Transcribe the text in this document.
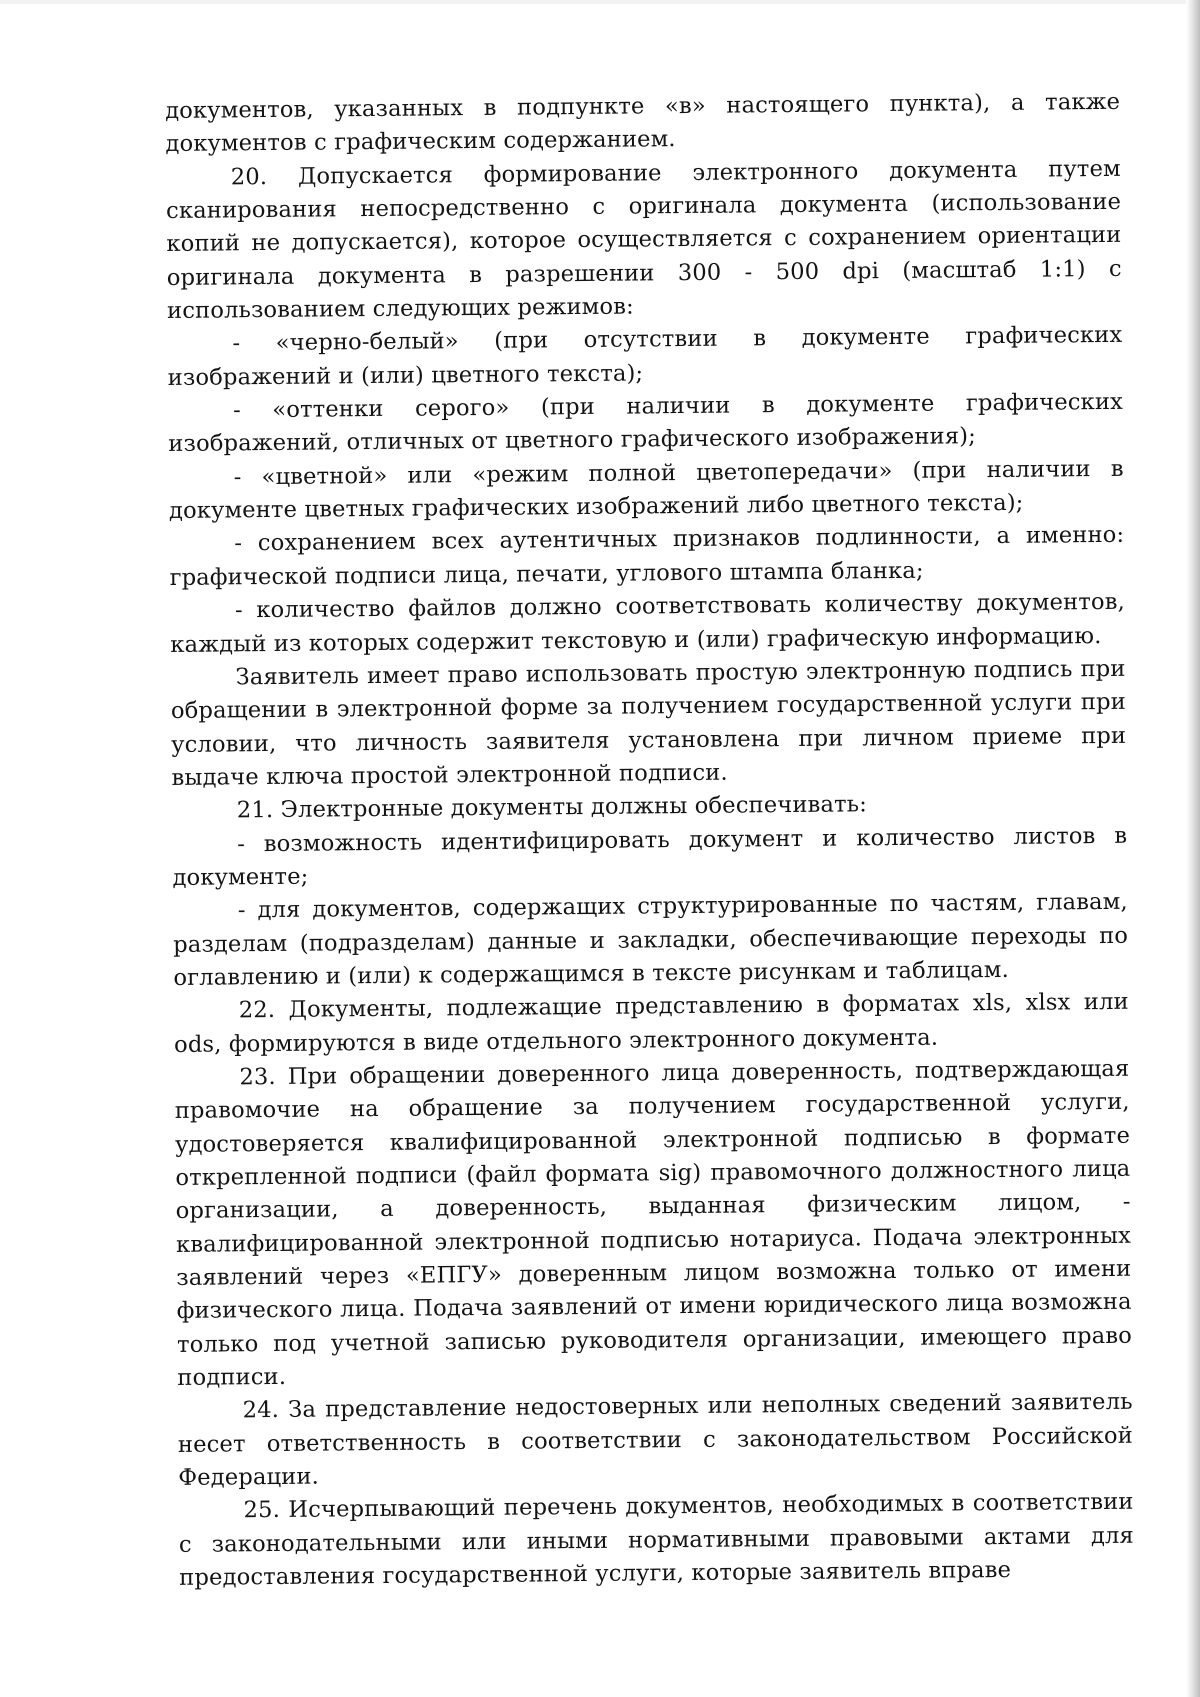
документов, указанных в подпункте «в» настоящего пункта), а также документов с графическим содержанием.

20. Допускается формирование электронного документа путем сканирования непосредственно с оригинала документа (использование копий не допускается), которое осуществляется с сохранением ориентации оригинала документа в разрешении 300 - 500 dpi (масштаб 1:1) с использованием следующих режимов:

- «черно-белый» (при отсутствии в документе графических изображений и (или) цветного текста);

- «оттенки серого» (при наличии в документе графических изображений, отличных от цветного графического изображения);

- «цветной» или «режим полной цветопередачи» (при наличии в документе цветных графических изображений либо цветного текста);

- сохранением всех аутентичных признаков подлинности, а именно: графической подписи лица, печати, углового штампа бланка;

- количество файлов должно соответствовать количеству документов, каждый из которых содержит текстовую и (или) графическую информацию.

Заявитель имеет право использовать простую электронную подпись при обращении в электронной форме за получением государственной услуги при условии, что личность заявителя установлена при личном приеме при выдаче ключа простой электронной подписи.

21. Электронные документы должны обеспечивать:

- возможность идентифицировать документ и количество листов в документе;

- для документов, содержащих структурированные по частям, главам, разделам (подразделам) данные и закладки, обеспечивающие переходы по оглавлению и (или) к содержащимся в тексте рисункам и таблицам.

22. Документы, подлежащие представлению в форматах xls, xlsx или ods, формируются в виде отдельного электронного документа.

23. При обращении доверенного лица доверенность, подтверждающая правомочие на обращение за получением государственной услуги, удостоверяется квалифицированной электронной подписью в формате открепленной подписи (файл формата sig) правомочного должностного лица организации, а доверенность, выданная физическим лицом, - квалифицированной электронной подписью нотариуса. Подача электронных заявлений через «ЕПГУ» доверенным лицом возможна только от имени физического лица. Подача заявлений от имени юридического лица возможна только под учетной записью руководителя организации, имеющего право подписи.

24. За представление недостоверных или неполных сведений заявитель несет ответственность в соответствии с законодательством Российской Федерации.

25. Исчерпывающий перечень документов, необходимых в соответствии с законодательными или иными нормативными правовыми актами для предоставления государственной услуги, которые заявитель вправе
